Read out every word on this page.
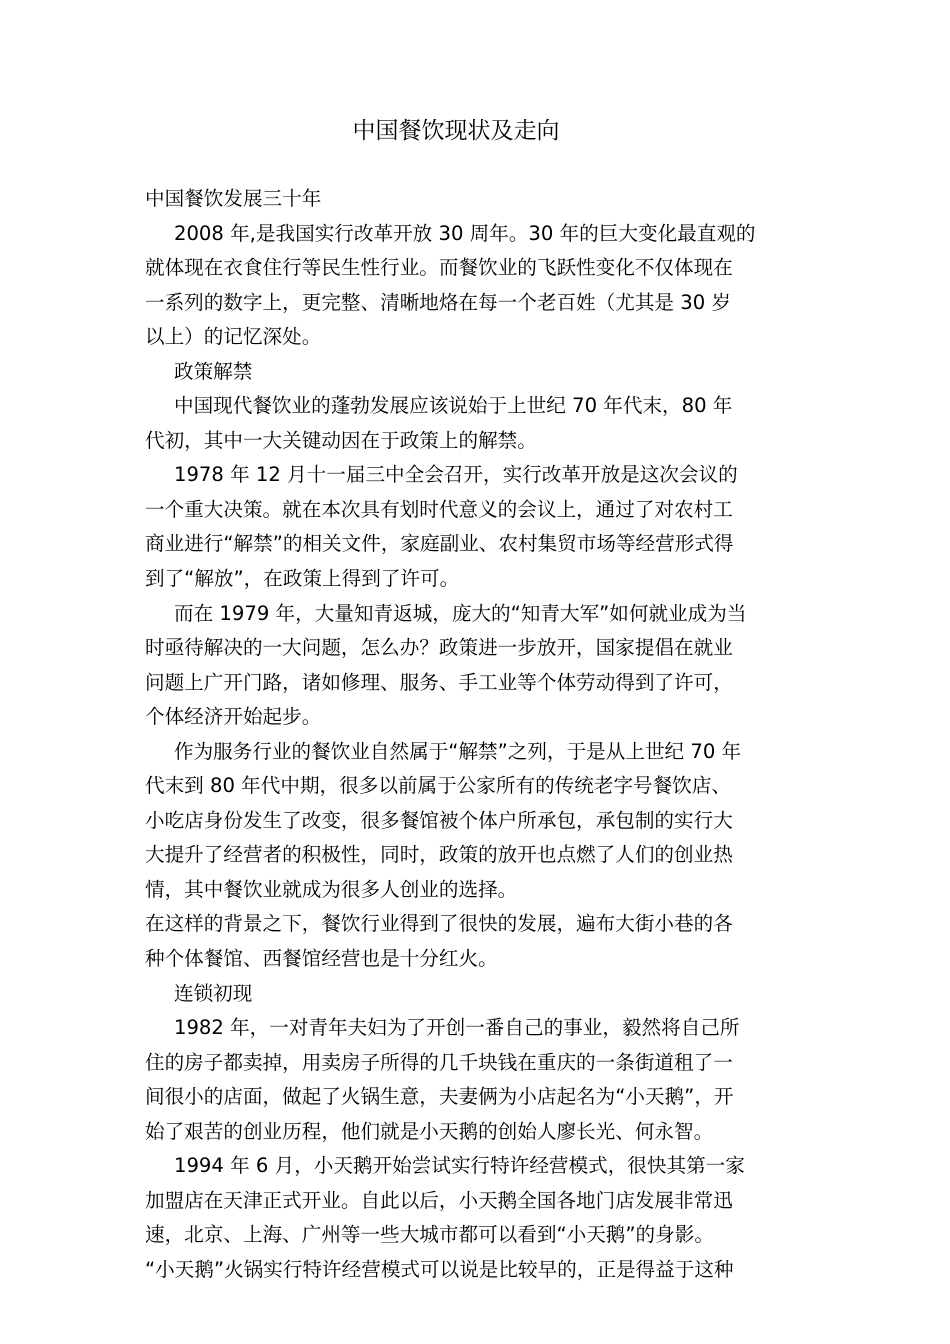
中国餐饮现状及走向
中国餐饮发展三十年
2008 年,是我国实行改革开放 30 周年。30 年的巨大变化最直观的
就体现在衣食住行等民生性行业。而餐饮业的飞跃性变化不仅体现在
一系列的数字上，更完整、清晰地烙在每一个老百姓（尤其是 30 岁
以上）的记忆深处。
政策解禁
中国现代餐饮业的蓬勃发展应该说始于上世纪 70 年代末，80 年
代初，其中一大关键动因在于政策上的解禁。
1978 年 12 月十一届三中全会召开，实行改革开放是这次会议的
一个重大决策。就在本次具有划时代意义的会议上，通过了对农村工
商业进行“解禁”的相关文件，家庭副业、农村集贸市场等经营形式得
到了“解放”，在政策上得到了许可。
而在 1979 年，大量知青返城，庞大的“知青大军”如何就业成为当
时亟待解决的一大问题，怎么办？政策进一步放开，国家提倡在就业
问题上广开门路，诸如修理、服务、手工业等个体劳动得到了许可，
个体经济开始起步。
作为服务行业的餐饮业自然属于“解禁”之列，于是从上世纪 70 年
代末到 80 年代中期，很多以前属于公家所有的传统老字号餐饮店、
小吃店身份发生了改变，很多餐馆被个体户所承包，承包制的实行大
大提升了经营者的积极性，同时，政策的放开也点燃了人们的创业热
情，其中餐饮业就成为很多人创业的选择。
在这样的背景之下，餐饮行业得到了很快的发展，遍布大街小巷的各
种个体餐馆、西餐馆经营也是十分红火。
连锁初现
1982 年，一对青年夫妇为了开创一番自己的事业，毅然将自己所
住的房子都卖掉，用卖房子所得的几千块钱在重庆的一条街道租了一
间很小的店面，做起了火锅生意，夫妻俩为小店起名为“小天鹅”，开
始了艰苦的创业历程，他们就是小天鹅的创始人廖长光、何永智。
1994 年 6 月，小天鹅开始尝试实行特许经营模式，很快其第一家
加盟店在天津正式开业。自此以后，小天鹅全国各地门店发展非常迅
速，北京、上海、广州等一些大城市都可以看到“小天鹅”的身影。
“小天鹅”火锅实行特许经营模式可以说是比较早的，正是得益于这种
